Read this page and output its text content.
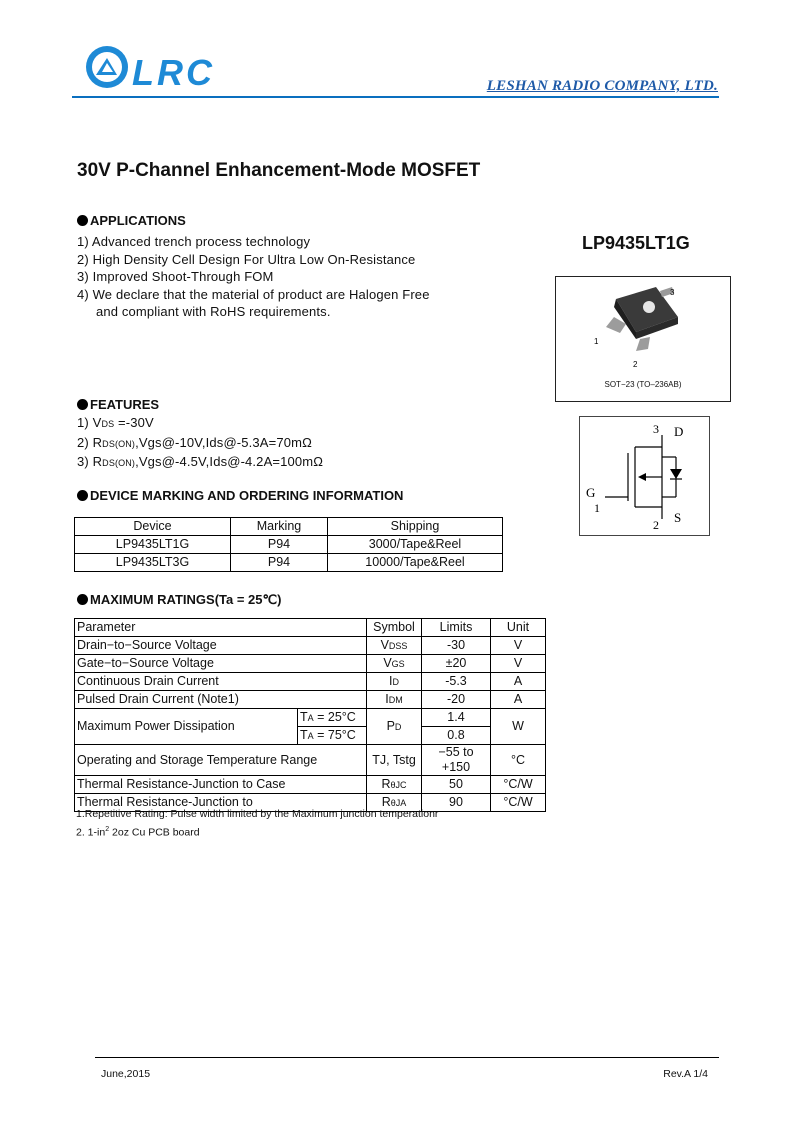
LRC	LESHAN RADIO COMPANY, LTD.
30V P-Channel Enhancement-Mode MOSFET
APPLICATIONS
1) Advanced trench process technology
2) High Density Cell Design For Ultra Low On-Resistance
3) Improved Shoot-Through FOM
4) We declare that the material of product are Halogen Free
and compliant with RoHS requirements.
LP9435LT1G
3
1
2
SOT−23 (TO–236AB)
3 D
G
1
2 S
FEATURES
1) VDS =-30V
2) RDS(ON),Vgs@-10V,Ids@-5.3A=70mΩ
3) RDS(ON),Vgs@-4.5V,Ids@-4.2A=100mΩ
DEVICE MARKING AND ORDERING INFORMATION
Device	Marking	Shipping
LP9435LT1G	P94	3000/Tape&Reel
LP9435LT3G	P94	10000/Tape&Reel
MAXIMUM RATINGS(Ta = 25℃)
Parameter		Symbol	Limits	Unit
Drain−to−Source Voltage		VDSS	-30	V
Gate−to−Source Voltage		VGS	±20	V
Continuous Drain Current		ID	-5.3	A
Pulsed Drain Current (Note1)		IDM	-20	A
Maximum Power Dissipation	TA = 25°C	PD	1.4	W
	TA = 75°C		0.8	
Operating and Storage Temperature Range		TJ, Tstg	−55 to +150	°C
Thermal Resistance-Junction to Case		RθJC	50	°C/W
Thermal Resistance-Junction to		RθJA	90	°C/W
1.Repetitive Rating: Pulse width limited by the Maximum junction temperationr
2. $1-in^2$ 2oz Cu PCB board
June,2015	Rev.A 1/4
